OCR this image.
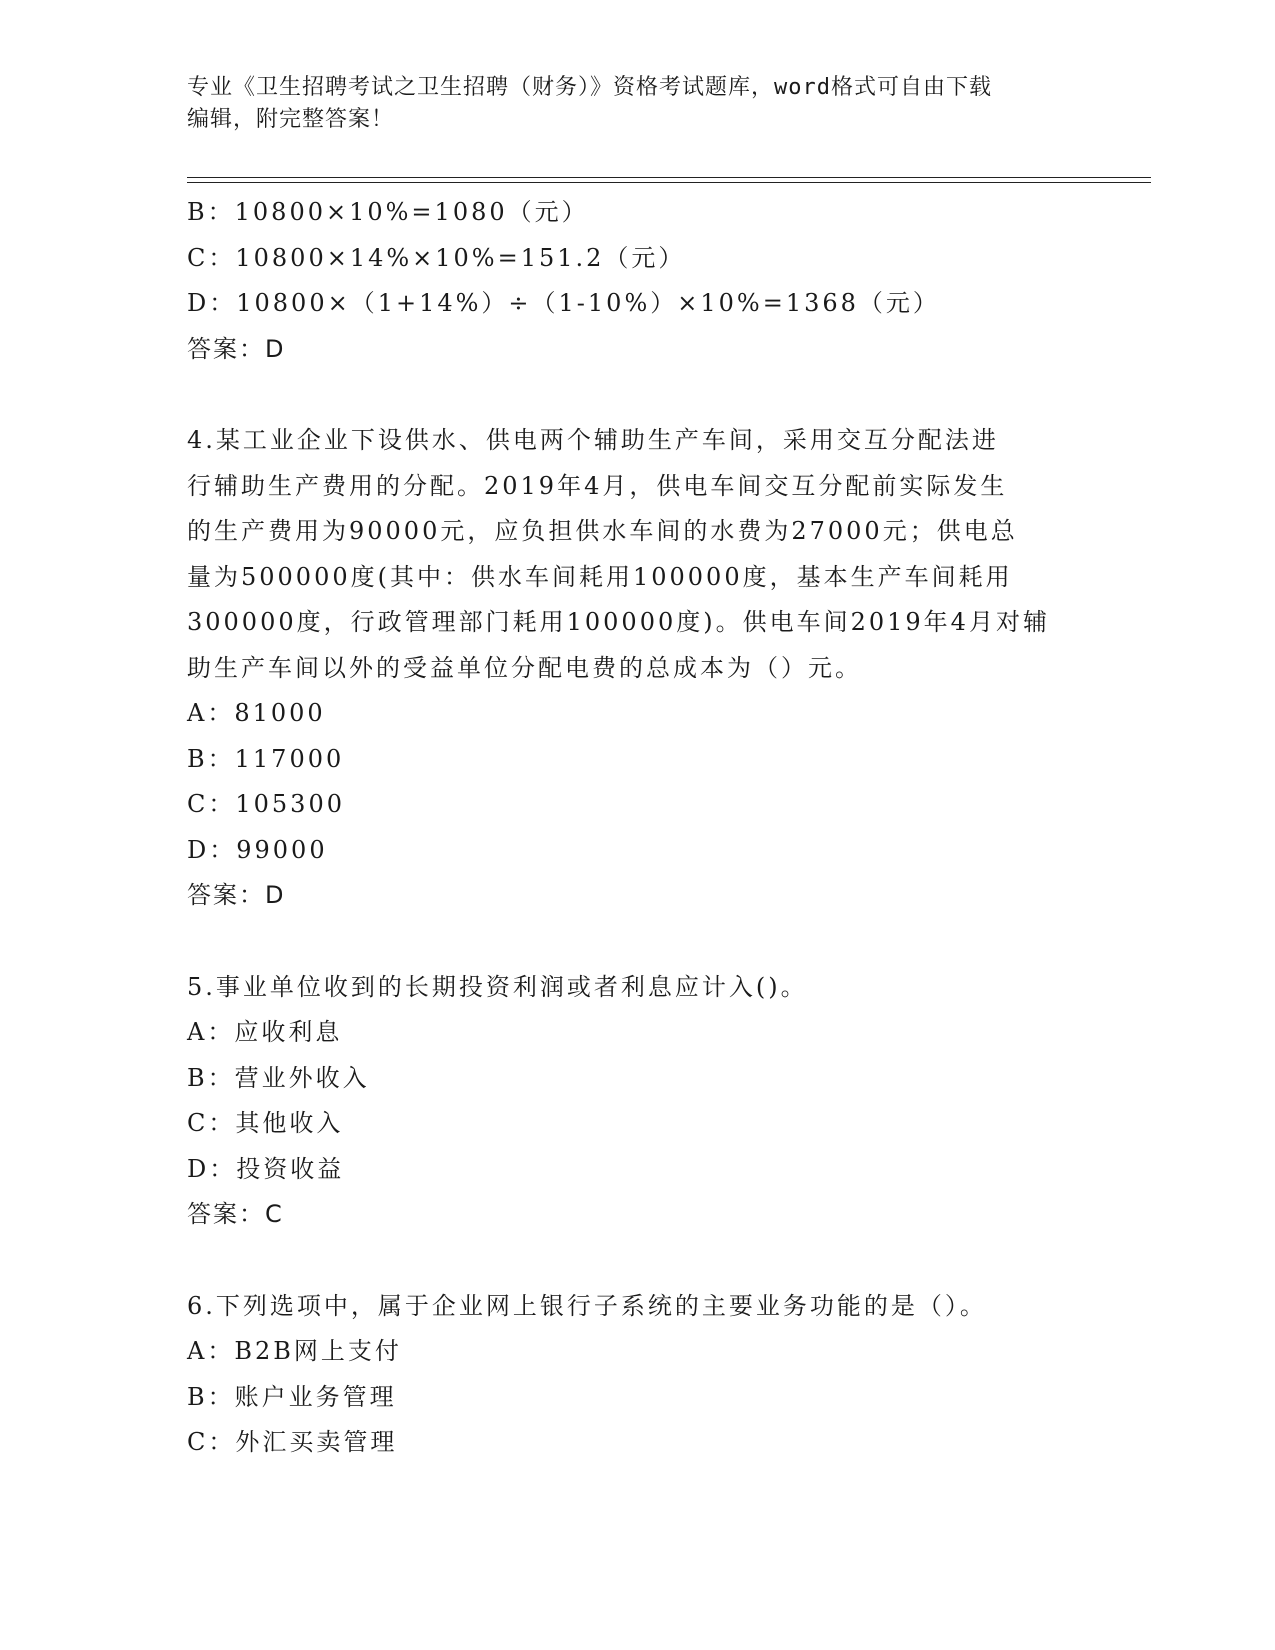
专业《卫生招聘考试之卫生招聘（财务）》资格考试题库，word格式可自由下载
编辑，附完整答案！
B：10800×10%=1080（元）
C：10800×14%×10%=151.2（元）
D：10800×（1+14%）÷（1-10%）×10%=1368（元）
答案：D
4.某工业企业下设供水、供电两个辅助生产车间，采用交互分配法进
行辅助生产费用的分配。2019年4月，供电车间交互分配前实际发生
的生产费用为90000元，应负担供水车间的水费为27000元；供电总
量为500000度(其中：供水车间耗用100000度，基本生产车间耗用
300000度，行政管理部门耗用100000度)。供电车间2019年4月对辅
助生产车间以外的受益单位分配电费的总成本为（）元。
A：81000
B：117000
C：105300
D：99000
答案：D
5.事业单位收到的长期投资利润或者利息应计入()。
A：应收利息
B：营业外收入
C：其他收入
D：投资收益
答案：C
6.下列选项中，属于企业网上银行子系统的主要业务功能的是（）。
A：B2B网上支付
B：账户业务管理
C：外汇买卖管理
